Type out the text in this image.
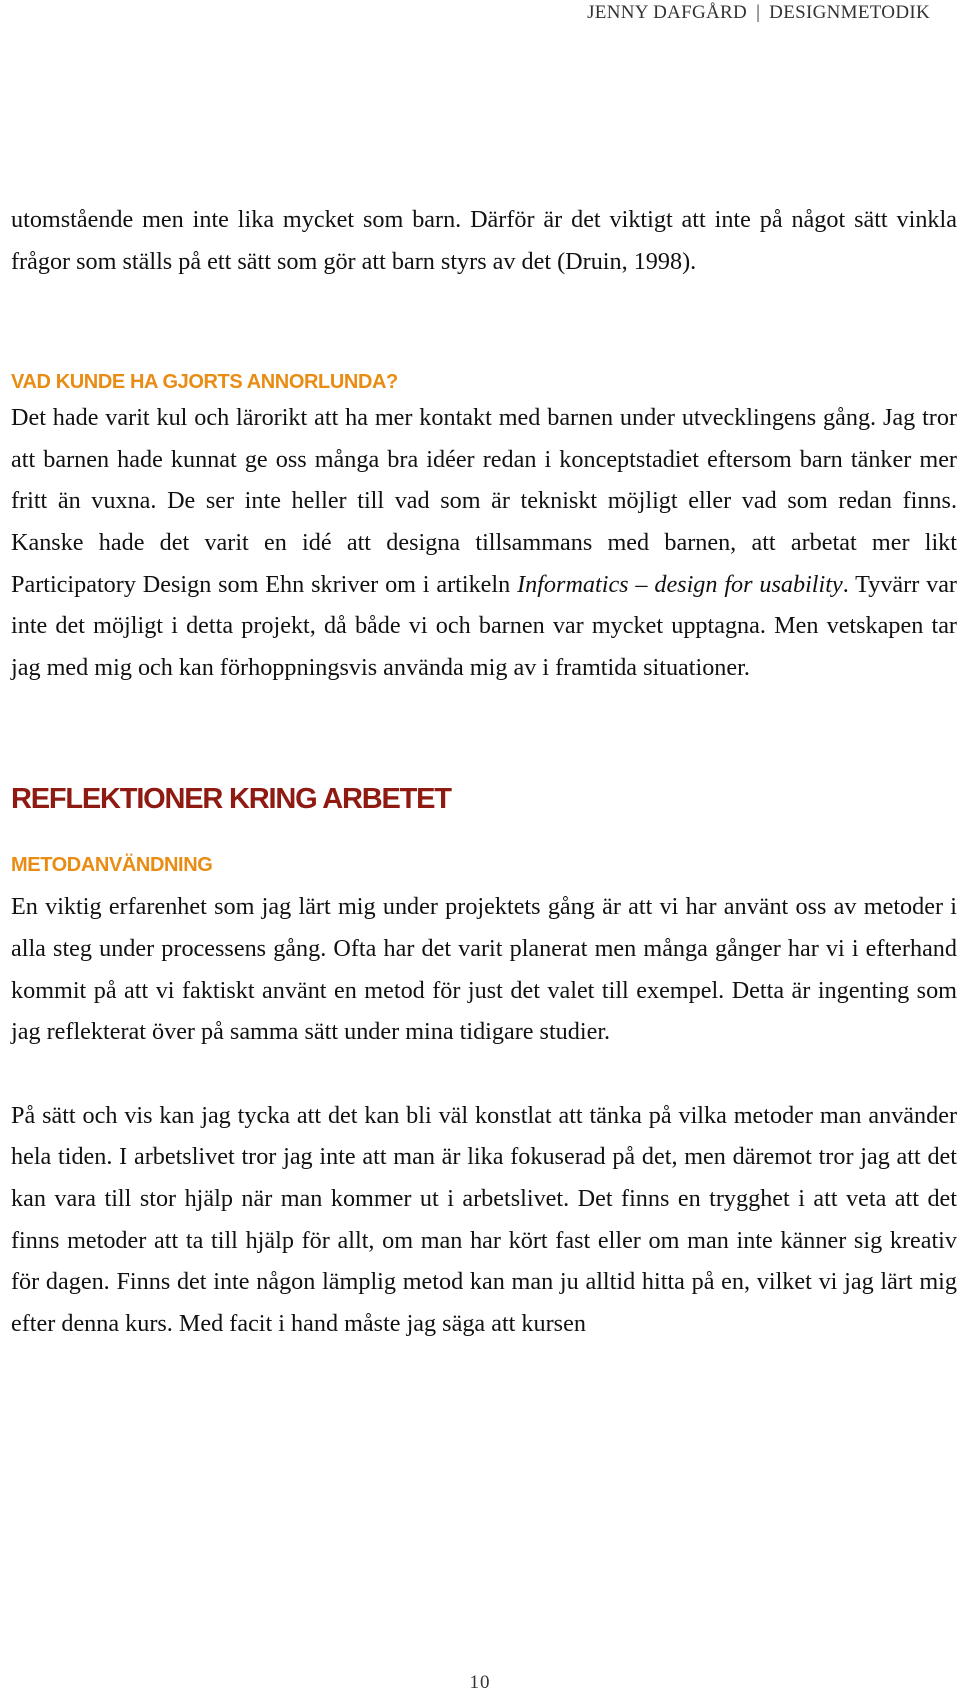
JENNY DAFGÅRD | DESIGNMETODIK

utomstående men inte lika mycket som barn. Därför är det viktigt att inte på något sätt vinkla frågor som ställs på ett sätt som gör att barn styrs av det (Druin, 1998).

VAD KUNDE HA GJORTS ANNORLUNDA?

Det hade varit kul och lärorikt att ha mer kontakt med barnen under utvecklingens gång. Jag tror att barnen hade kunnat ge oss många bra idéer redan i konceptstadiet eftersom barn tänker mer fritt än vuxna. De ser inte heller till vad som är tekniskt möjligt eller vad som redan finns. Kanske hade det varit en idé att designa tillsammans med barnen, att arbetat mer likt Participatory Design som Ehn skriver om i artikeln Informatics – design for usability. Tyvärr var inte det möjligt i detta projekt, då både vi och barnen var mycket upptagna. Men vetskapen tar jag med mig och kan förhoppningsvis använda mig av i framtida situationer.

REFLEKTIONER KRING ARBETET
METODANVÄNDNING

En viktig erfarenhet som jag lärt mig under projektets gång är att vi har använt oss av metoder i alla steg under processens gång. Ofta har det varit planerat men många gånger har vi i efterhand kommit på att vi faktiskt använt en metod för just det valet till exempel. Detta är ingenting som jag reflekterat över på samma sätt under mina tidigare studier.

På sätt och vis kan jag tycka att det kan bli väl konstlat att tänka på vilka metoder man använder hela tiden. I arbetslivet tror jag inte att man är lika fokuserad på det, men däremot tror jag att det kan vara till stor hjälp när man kommer ut i arbetslivet. Det finns en trygghet i att veta att det finns metoder att ta till hjälp för allt, om man har kört fast eller om man inte känner sig kreativ för dagen. Finns det inte någon lämplig metod kan man ju alltid hitta på en, vilket vi jag lärt mig efter denna kurs. Med facit i hand måste jag säga att kursen

10
